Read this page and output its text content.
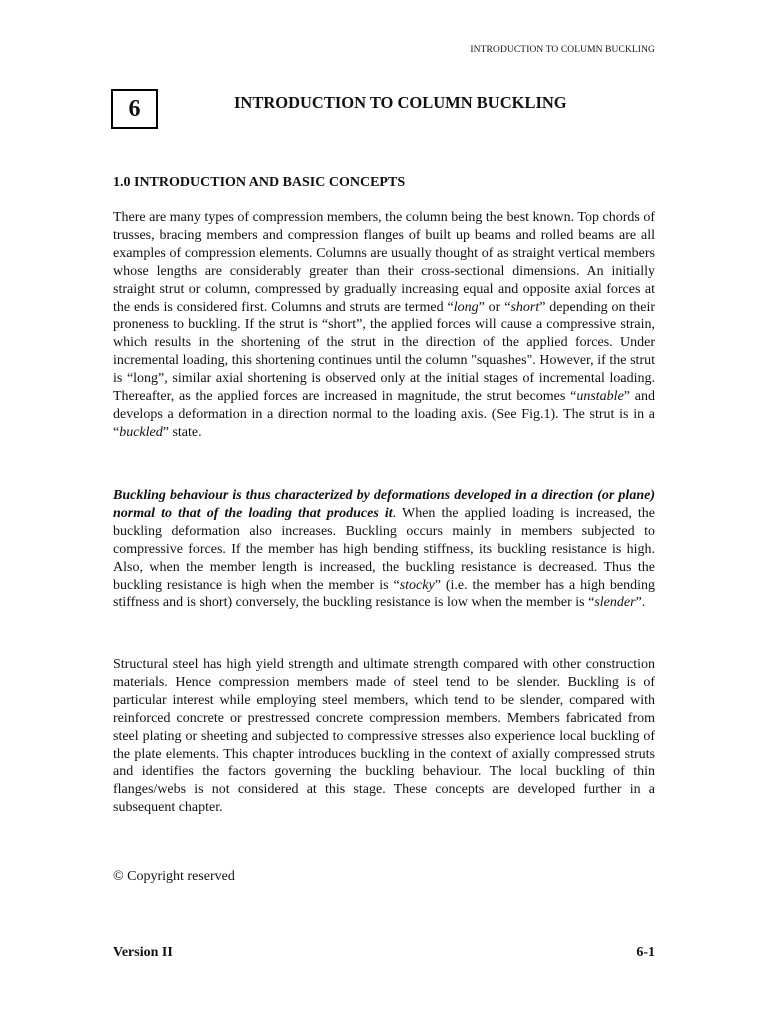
INTRODUCTION TO COLUMN BUCKLING
6	INTRODUCTION TO COLUMN BUCKLING
1.0 INTRODUCTION AND BASIC CONCEPTS

There are many types of compression members, the column being the best known. Top chords of trusses, bracing members and compression flanges of built up beams and rolled beams are all examples of compression elements. Columns are usually thought of as straight vertical members whose lengths are considerably greater than their cross-sectional dimensions. An initially straight strut or column, compressed by gradually increasing equal and opposite axial forces at the ends is considered first. Columns and struts are termed “long” or “short” depending on their proneness to buckling. If the strut is “short”, the applied forces will cause a compressive strain, which results in the shortening of the strut in the direction of the applied forces. Under incremental loading, this shortening continues until the column "squashes". However, if the strut is “long”, similar axial shortening is observed only at the initial stages of incremental loading. Thereafter, as the applied forces are increased in magnitude, the strut becomes “unstable” and develops a deformation in a direction normal to the loading axis. (See Fig.1). The strut is in a “buckled” state.

Buckling behaviour is thus characterized by deformations developed in a direction (or plane) normal to that of the loading that produces it. When the applied loading is increased, the buckling deformation also increases. Buckling occurs mainly in members subjected to compressive forces. If the member has high bending stiffness, its buckling resistance is high. Also, when the member length is increased, the buckling resistance is decreased. Thus the buckling resistance is high when the member is “stocky” (i.e. the member has a high bending stiffness and is short) conversely, the buckling resistance is low when the member is “slender”.

Structural steel has high yield strength and ultimate strength compared with other construction materials. Hence compression members made of steel tend to be slender. Buckling is of particular interest while employing steel members, which tend to be slender, compared with reinforced concrete or prestressed concrete compression members. Members fabricated from steel plating or sheeting and subjected to compressive stresses also experience local buckling of the plate elements. This chapter introduces buckling in the context of axially compressed struts and identifies the factors governing the buckling behaviour. The local buckling of thin flanges/webs is not considered at this stage. These concepts are developed further in a subsequent chapter.

© Copyright reserved
Version II	6-1
